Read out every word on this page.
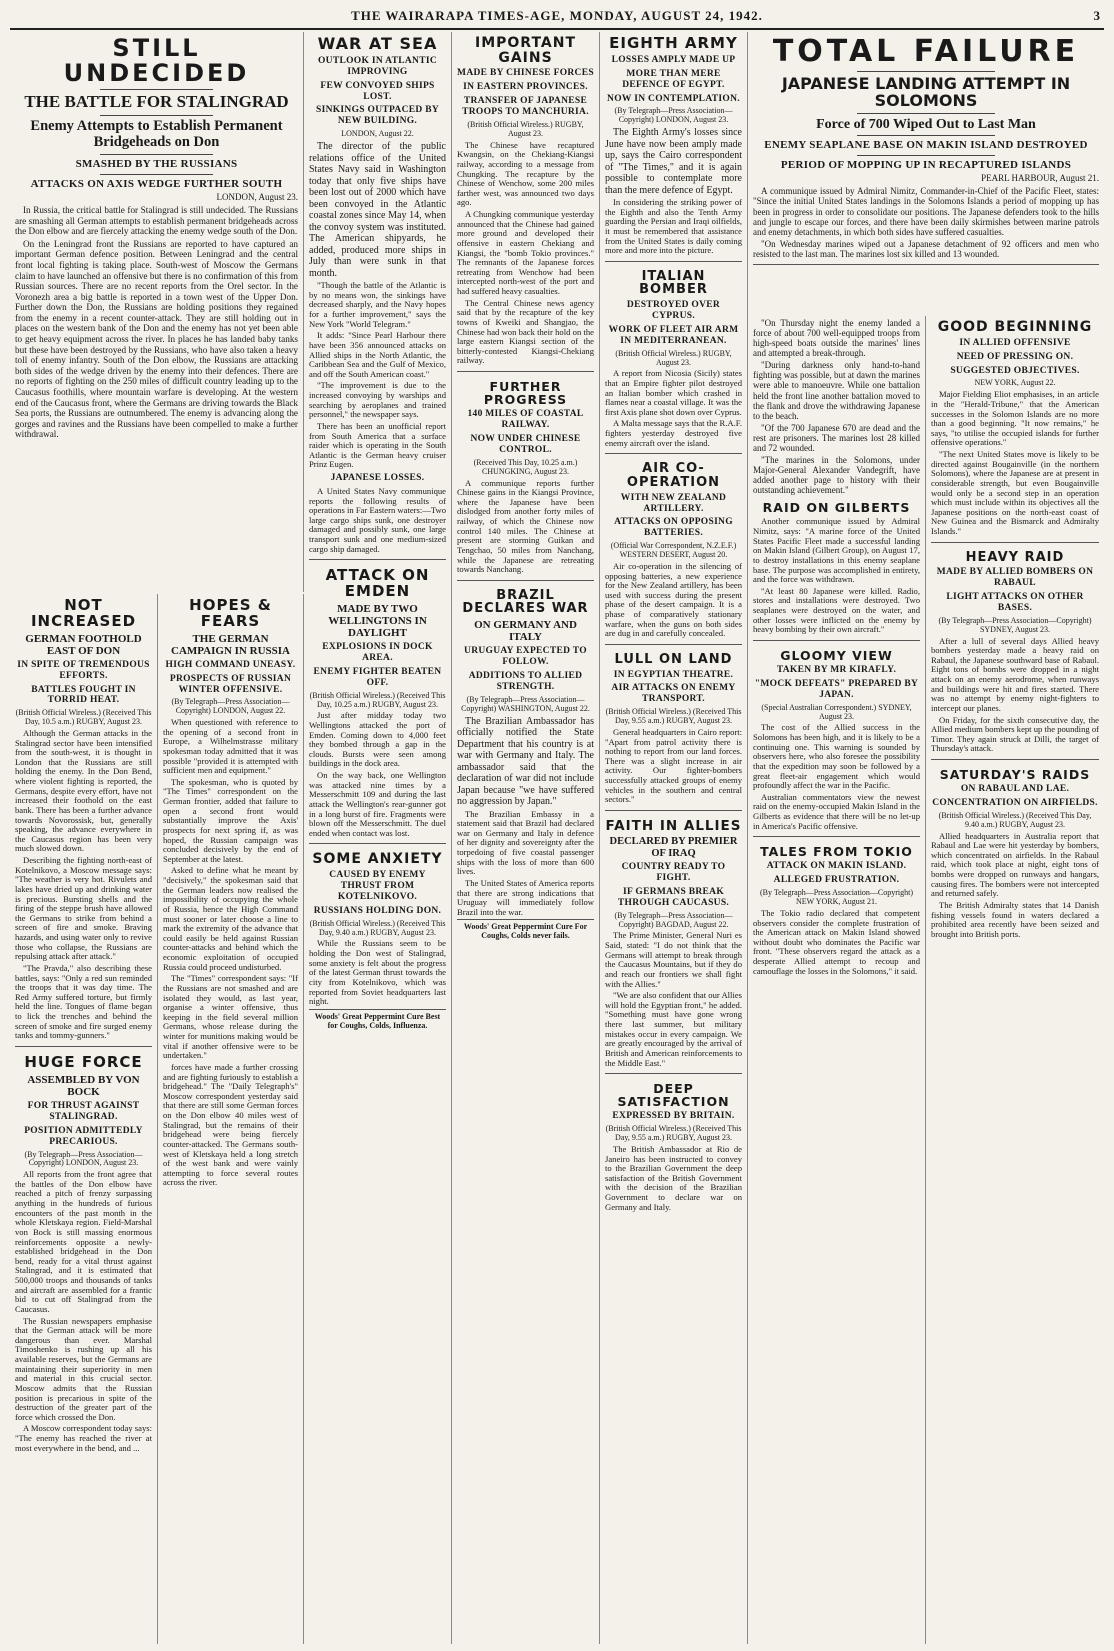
THE WAIRARAPA TIMES-AGE, MONDAY, AUGUST 24, 1942.	3
STILL UNDECIDED
THE BATTLE FOR STALINGRAD
Enemy Attempts to Establish Permanent Bridgeheads on Don
SMASHED BY THE RUSSIANS
ATTACKS ON AXIS WEDGE FURTHER SOUTH
LONDON, August 23.

In Russia, the critical battle for Stalingrad is still undecided. The Russians are smashing all German attempts to establish permanent bridgeheads across the Don elbow and are fiercely attacking the enemy wedge south of the Don.

On the Leningrad front the Russians are reported to have captured an important German defence position. Between Leningrad and the central front local fighting is taking place. South-west of Moscow the Germans claim to have launched an offensive but there is no confirmation of this from Russian sources. There are no recent reports from the Orel sector. In the Voronezh area a big battle is reported in a town west of the Upper Don. Further down the Don, the Russians are holding positions they regained from the enemy in a recent counter-attack. They are still holding out in places on the western bank of the Don and the enemy has not yet been able to get heavy equipment across the river. In places he has landed baby tanks but these have been destroyed by the Russians, who have also taken a heavy toll of enemy infantry. South of the Don elbow, the Russians are attacking both sides of the wedge driven by the enemy into their defences. There are no reports of fighting on the 250 miles of difficult country leading up to the Caucasus foothills, where mountain warfare is developing. At the western end of the Caucasus front, where the Germans are driving towards the Black Sea ports, the Russians are outnumbered. The enemy is advancing along the gorges and ravines and the Russians have been compelled to make a further withdrawal.

NOT INCREASED
GERMAN FOOTHOLD EAST OF DON
IN SPITE OF TREMENDOUS EFFORTS.
BATTLES FOUGHT IN TORRID HEAT.
(British Official Wireless.) (Received This Day, 10.5 a.m.) RUGBY, August 23.

Although the German attacks in the Stalingrad sector have been intensified from the south-west, it is thought in London that the Russians are still holding the enemy. In the Don Bend, where violent fighting is reported, the Germans, despite every effort, have not increased their foothold on the east bank. There has been a further advance towards Novorossisk, but, generally speaking, the advance everywhere in the Caucasus region has been very much slowed down.

Describing the fighting north-east of Kotelnikovo, a Moscow message says: "The weather is very hot. Rivulets and lakes have dried up and drinking water is precious. Bursting shells and the firing of the steppe brush have allowed the Germans to strike from behind a screen of fire and smoke. Braving hazards, and using water only to revive those who collapse, the Russians are repulsing attack after attack."

"The Pravda," also describing these battles, says: "Only a red sun reminded the troops that it was day time. The Red Army suffered torture, but firmly held the line. Tongues of flame began to lick the trenches and behind the screen of smoke and fire surged enemy tanks and tommy-gunners."

HUGE FORCE
ASSEMBLED BY VON BOCK
FOR THRUST AGAINST STALINGRAD.
POSITION ADMITTEDLY PRECARIOUS.
(By Telegraph—Press Association—Copyright) LONDON, August 23.

All reports from the front agree that the battles of the Don elbow have reached a pitch of frenzy surpassing anything in the hundreds of furious encounters of the past month in the whole Kletskaya region. Field-Marshal von Bock is still massing enormous reinforcements opposite a newly-established bridgehead in the Don bend, ready for a vital thrust against Stalingrad, and it is estimated that 500,000 troops and thousands of tanks and aircraft are assembled for a frantic bid to cut off Stalingrad from the Caucasus.

The Russian newspapers emphasise that the German attack will be more dangerous than ever. Marshal Timoshenko is rushing up all his available reserves, but the Germans are maintaining their superiority in men and material in this crucial sector. Moscow admits that the Russian position is precarious in spite of the destruction of the greater part of the force which crossed the Don.

A Moscow correspondent today says: "The enemy has reached the river at most everywhere in the bend, and ...

HOPES & FEARS
THE GERMAN CAMPAIGN IN RUSSIA
HIGH COMMAND UNEASY.
PROSPECTS OF RUSSIAN WINTER OFFENSIVE.
(By Telegraph—Press Association—Copyright) LONDON, August 22.

When questioned with reference to the opening of a second front in Europe, a Wilhelmstrasse military spokesman today admitted that it was possible "provided it is attempted with sufficient men and equipment."

The spokesman, who is quoted by "The Times" correspondent on the German frontier, added that failure to open a second front would substantially improve the Axis' prospects for next spring if, as was hoped, the Russian campaign was concluded decisively by the end of September at the latest.

Asked to define what he meant by "decisively," the spokesman said that the German leaders now realised the impossibility of occupying the whole of Russia, hence the High Command must sooner or later choose a line to mark the extremity of the advance that could easily be held against Russian counter-attacks and behind which the economic exploitation of occupied Russia could proceed undisturbed.

The "Times" correspondent says: "If the Russians are not smashed and are isolated they would, as last year, organise a winter offensive, thus keeping in the field several million Germans, whose release during the winter for munitions making would be vital if another offensive were to be undertaken."

forces have made a further crossing and are fighting furiously to establish a bridgehead." The "Daily Telegraph's" Moscow correspondent yesterday said that there are still some German forces on the Don elbow 40 miles west of Stalingrad, but the remains of their bridgehead were being fiercely counter-attacked. The Germans south-west of Kletskaya held a long stretch of the west bank and were vainly attempting to force several routes across the river.

WAR AT SEA
OUTLOOK IN ATLANTIC IMPROVING
FEW CONVOYED SHIPS LOST.
SINKINGS OUTPACED BY NEW BUILDING.
LONDON, August 22.

The director of the public relations office of the United States Navy said in Washington today that only five ships have been lost out of 2000 which have been convoyed in the Atlantic coastal zones since May 14, when the convoy system was instituted. The American shipyards, he added, produced more ships in July than were sunk in that month.

"Though the battle of the Atlantic is by no means won, the sinkings have decreased sharply, and the Navy hopes for a further improvement," says the New York "World Telegram."

It adds: "Since Pearl Harbour there have been 356 announced attacks on Allied ships in the North Atlantic, the Caribbean Sea and the Gulf of Mexico, and off the South American coast."

"The improvement is due to the increased convoying by warships and searching by aeroplanes and trained personnel," the newspaper says.

There has been an unofficial report from South America that a surface raider which is operating in the South Atlantic is the German heavy cruiser Prinz Eugen.

JAPANESE LOSSES.

A United States Navy communique reports the following results of operations in Far Eastern waters:—Two large cargo ships sunk, one destroyer damaged and possibly sunk, one large transport sunk and one medium-sized cargo ship damaged.

ATTACK ON EMDEN
MADE BY TWO WELLINGTONS IN DAYLIGHT
EXPLOSIONS IN DOCK AREA.
ENEMY FIGHTER BEATEN OFF.
(British Official Wireless.) (Received This Day, 10.25 a.m.) RUGBY, August 23.

Just after midday today two Wellingtons attacked the port of Emden. Coming down to 4,000 feet they bombed through a gap in the clouds. Bursts were seen among buildings in the dock area.

On the way back, one Wellington was attacked nine times by a Messerschmitt 109 and during the last attack the Wellington's rear-gunner got in a long burst of fire. Fragments were blown off the Messerschmitt. The duel ended when contact was lost.

SOME ANXIETY
CAUSED BY ENEMY THRUST FROM KOTELNIKOVO.
RUSSIANS HOLDING DON.
(British Official Wireless.) (Received This Day, 9.40 a.m.) RUGBY, August 23.

While the Russians seem to be holding the Don west of Stalingrad, some anxiety is felt about the progress of the latest German thrust towards the city from Kotelnikovo, which was reported from Soviet headquarters last night.

Woods' Great Peppermint Cure Best for Coughs, Colds, Influenza.
IMPORTANT GAINS
MADE BY CHINESE FORCES
IN EASTERN PROVINCES.
TRANSFER OF JAPANESE TROOPS TO MANCHURIA.
(British Official Wireless.) RUGBY, August 23.

The Chinese have recaptured Kwangsin, on the Chekiang-Kiangsi railway, according to a message from Chungking. The recapture by the Chinese of Wenchow, some 200 miles farther west, was announced two days ago.

A Chungking communique yesterday announced that the Chinese had gained more ground and developed their offensive in eastern Chekiang and Kiangsi, the "bomb Tokio provinces." The remnants of the Japanese forces retreating from Wenchow had been intercepted north-west of the port and had suffered heavy casualties.

The Central Chinese news agency said that by the recapture of the key towns of Kweiki and Shangjao, the Chinese had won back their hold on the large eastern Kiangsi section of the bitterly-contested Kiangsi-Chekiang railway.

FURTHER PROGRESS
140 MILES OF COASTAL RAILWAY.
NOW UNDER CHINESE CONTROL.
(Received This Day, 10.25 a.m.) CHUNGKING, August 23.

A communique reports further Chinese gains in the Kiangsi Province, where the Japanese have been dislodged from another forty miles of railway, of which the Chinese now control 140 miles. The Chinese at present are storming Guikan and Tengchao, 50 miles from Nanchang, while the Japanese are retreating towards Nanchang.

BRAZIL DECLARES WAR
ON GERMANY AND ITALY
URUGUAY EXPECTED TO FOLLOW.
ADDITIONS TO ALLIED STRENGTH.
(By Telegraph—Press Association—Copyright) WASHINGTON, August 22.

The Brazilian Ambassador has officially notified the State Department that his country is at war with Germany and Italy. The ambassador said that the declaration of war did not include Japan because "we have suffered no aggression by Japan."

The Brazilian Embassy in a statement said that Brazil had declared war on Germany and Italy in defence of her dignity and sovereignty after the torpedoing of five coastal passenger ships with the loss of more than 600 lives.

The United States of America reports that there are strong indications that Uruguay will immediately follow Brazil into the war.

Woods' Great Peppermint Cure For Coughs, Colds never fails.
EIGHTH ARMY
LOSSES AMPLY MADE UP
MORE THAN MERE DEFENCE OF EGYPT.
NOW IN CONTEMPLATION.
(By Telegraph—Press Association—Copyright) LONDON, August 23.

The Eighth Army's losses since June have now been amply made up, says the Cairo correspondent of "The Times," and it is again possible to contemplate more than the mere defence of Egypt.

In considering the striking power of the Eighth and also the Tenth Army guarding the Persian and Iraqi oilfields, it must be remembered that assistance from the United States is daily coming more and more into the picture.

ITALIAN BOMBER
DESTROYED OVER CYPRUS.
WORK OF FLEET AIR ARM IN MEDITERRANEAN.
(British Official Wireless.) RUGBY, August 23.

A report from Nicosia (Sicily) states that an Empire fighter pilot destroyed an Italian bomber which crashed in flames near a coastal village. It was the first Axis plane shot down over Cyprus.

A Malta message says that the R.A.F. fighters yesterday destroyed five enemy aircraft over the island.

AIR CO-OPERATION
WITH NEW ZEALAND ARTILLERY.
ATTACKS ON OPPOSING BATTERIES.
(Official War Correspondent, N.Z.E.F.) WESTERN DESERT, August 20.

Air co-operation in the silencing of opposing batteries, a new experience for the New Zealand artillery, has been used with success during the present phase of the desert campaign. It is a phase of comparatively stationary warfare, when the guns on both sides are dug in and carefully concealed.

LULL ON LAND
IN EGYPTIAN THEATRE.
AIR ATTACKS ON ENEMY TRANSPORT.
(British Official Wireless.) (Received This Day, 9.55 a.m.) RUGBY, August 23.

General headquarters in Cairo report: "Apart from patrol activity there is nothing to report from our land forces. There was a slight increase in air activity. Our fighter-bombers successfully attacked groups of enemy vehicles in the southern and central sectors."

FAITH IN ALLIES
DECLARED BY PREMIER OF IRAQ
COUNTRY READY TO FIGHT.
IF GERMANS BREAK THROUGH CAUCASUS.
(By Telegraph—Press Association—Copyright) BAGDAD, August 22.

The Prime Minister, General Nuri es Said, stated: "I do not think that the Germans will attempt to break through the Caucasus Mountains, but if they do and reach our frontiers we shall fight with the Allies."

"We are also confident that our Allies will hold the Egyptian front," he added. "Something must have gone wrong there last summer, but military mistakes occur in every campaign. We are greatly encouraged by the arrival of British and American reinforcements to the Middle East."

DEEP SATISFACTION
EXPRESSED BY BRITAIN.
(British Official Wireless.) (Received This Day, 9.55 a.m.) RUGBY, August 23.

The British Ambassador at Rio de Janeiro has been instructed to convey to the Brazilian Government the deep satisfaction of the British Government with the decision of the Brazilian Government to declare war on Germany and Italy.

TOTAL FAILURE
JAPANESE LANDING ATTEMPT IN SOLOMONS
Force of 700 Wiped Out to Last Man
ENEMY SEAPLANE BASE ON MAKIN ISLAND DESTROYED
PERIOD OF MOPPING UP IN RECAPTURED ISLANDS
PEARL HARBOUR, August 21.

A communique issued by Admiral Nimitz, Commander-in-Chief of the Pacific Fleet, states: "Since the initial United States landings in the Solomons Islands a period of mopping up has been in progress in order to consolidate our positions. The Japanese defenders took to the hills and jungle to escape our forces, and there have been daily skirmishes between marine patrols and enemy detachments, in which both sides have suffered casualties.

"On Wednesday marines wiped out a Japanese detachment of 92 officers and men who resisted to the last man. The marines lost six killed and 13 wounded.

"On Thursday night the enemy landed a force of about 700 well-equipped troops from high-speed boats outside the marines' lines and attempted a break-through.

"During darkness only hand-to-hand fighting was possible, but at dawn the marines were able to manoeuvre. While one battalion held the front line another battalion moved to the flank and drove the withdrawing Japanese to the beach.

"Of the 700 Japanese 670 are dead and the rest are prisoners. The marines lost 28 killed and 72 wounded.

"The marines in the Solomons, under Major-General Alexander Vandegrift, have added another page to history with their outstanding achievement."

RAID ON GILBERTS

Another communique issued by Admiral Nimitz, says: "A marine force of the United States Pacific Fleet made a successful landing on Makin Island (Gilbert Group), on August 17, to destroy installations in this enemy seaplane base. The purpose was accomplished in entirety, and the force was withdrawn.

"At least 80 Japanese were killed. Radio, stores and installations were destroyed. Two seaplanes were destroyed on the water, and other losses were inflicted on the enemy by heavy bombing by their own aircraft."

GLOOMY VIEW
TAKEN BY MR KIRAFLY.
"MOCK DEFEATS" PREPARED BY JAPAN.
(Special Australian Correspondent.) SYDNEY, August 23.

The cost of the Allied success in the Solomons has been high, and it is likely to be a continuing one. This warning is sounded by observers here, who also foresee the possibility that the expedition may soon be followed by a great fleet-air engagement which would profoundly affect the war in the Pacific.

Australian commentators view the newest raid on the enemy-occupied Makin Island in the Gilberts as evidence that there will be no let-up in America's Pacific offensive.

TALES FROM TOKIO
ATTACK ON MAKIN ISLAND.
ALLEGED FRUSTRATION.
(By Telegraph—Press Association—Copyright) NEW YORK, August 21.

The Tokio radio declared that competent observers consider the complete frustration of the American attack on Makin Island showed without doubt who dominates the Pacific war front. "These observers regard the attack as a desperate Allied attempt to recoup and camouflage the losses in the Solomons," it said.

GOOD BEGINNING
IN ALLIED OFFENSIVE
NEED OF PRESSING ON.
SUGGESTED OBJECTIVES.
NEW YORK, August 22.

Major Fielding Eliot emphasises, in an article in the "Herald-Tribune," that the American successes in the Solomon Islands are no more than a good beginning. "It now remains," he says, "to utilise the occupied islands for further offensive operations."

"The next United States move is likely to be directed against Bougainville (in the northern Solomons), where the Japanese are at present in considerable strength, but even Bougainville would only be a second step in an operation which must include within its objectives all the Japanese positions on the north-east coast of New Guinea and the Bismarck and Admiralty Islands."

HEAVY RAID
MADE BY ALLIED BOMBERS ON RABAUL
LIGHT ATTACKS ON OTHER BASES.
(By Telegraph—Press Association—Copyright) SYDNEY, August 23.

After a lull of several days Allied heavy bombers yesterday made a heavy raid on Rabaul, the Japanese southward base of Rabaul. Eight tons of bombs were dropped in a night attack on an enemy aerodrome, when runways and buildings were hit and fires started. There was no attempt by enemy night-fighters to intercept our planes.

On Friday, for the sixth consecutive day, the Allied medium bombers kept up the pounding of Timor. They again struck at Dilli, the target of Thursday's attack.

SATURDAY'S RAIDS
ON RABAUL AND LAE.
CONCENTRATION ON AIRFIELDS.
(British Official Wireless.) (Received This Day, 9.40 a.m.) RUGBY, August 23.

Allied headquarters in Australia report that Rabaul and Lae were hit yesterday by bombers, which concentrated on airfields. In the Rabaul raid, which took place at night, eight tons of bombs were dropped on runways and hangars, causing fires. The bombers were not intercepted and returned safely.

The British Admiralty states that 14 Danish fishing vessels found in waters declared a prohibited area recently have been seized and brought into British ports.
